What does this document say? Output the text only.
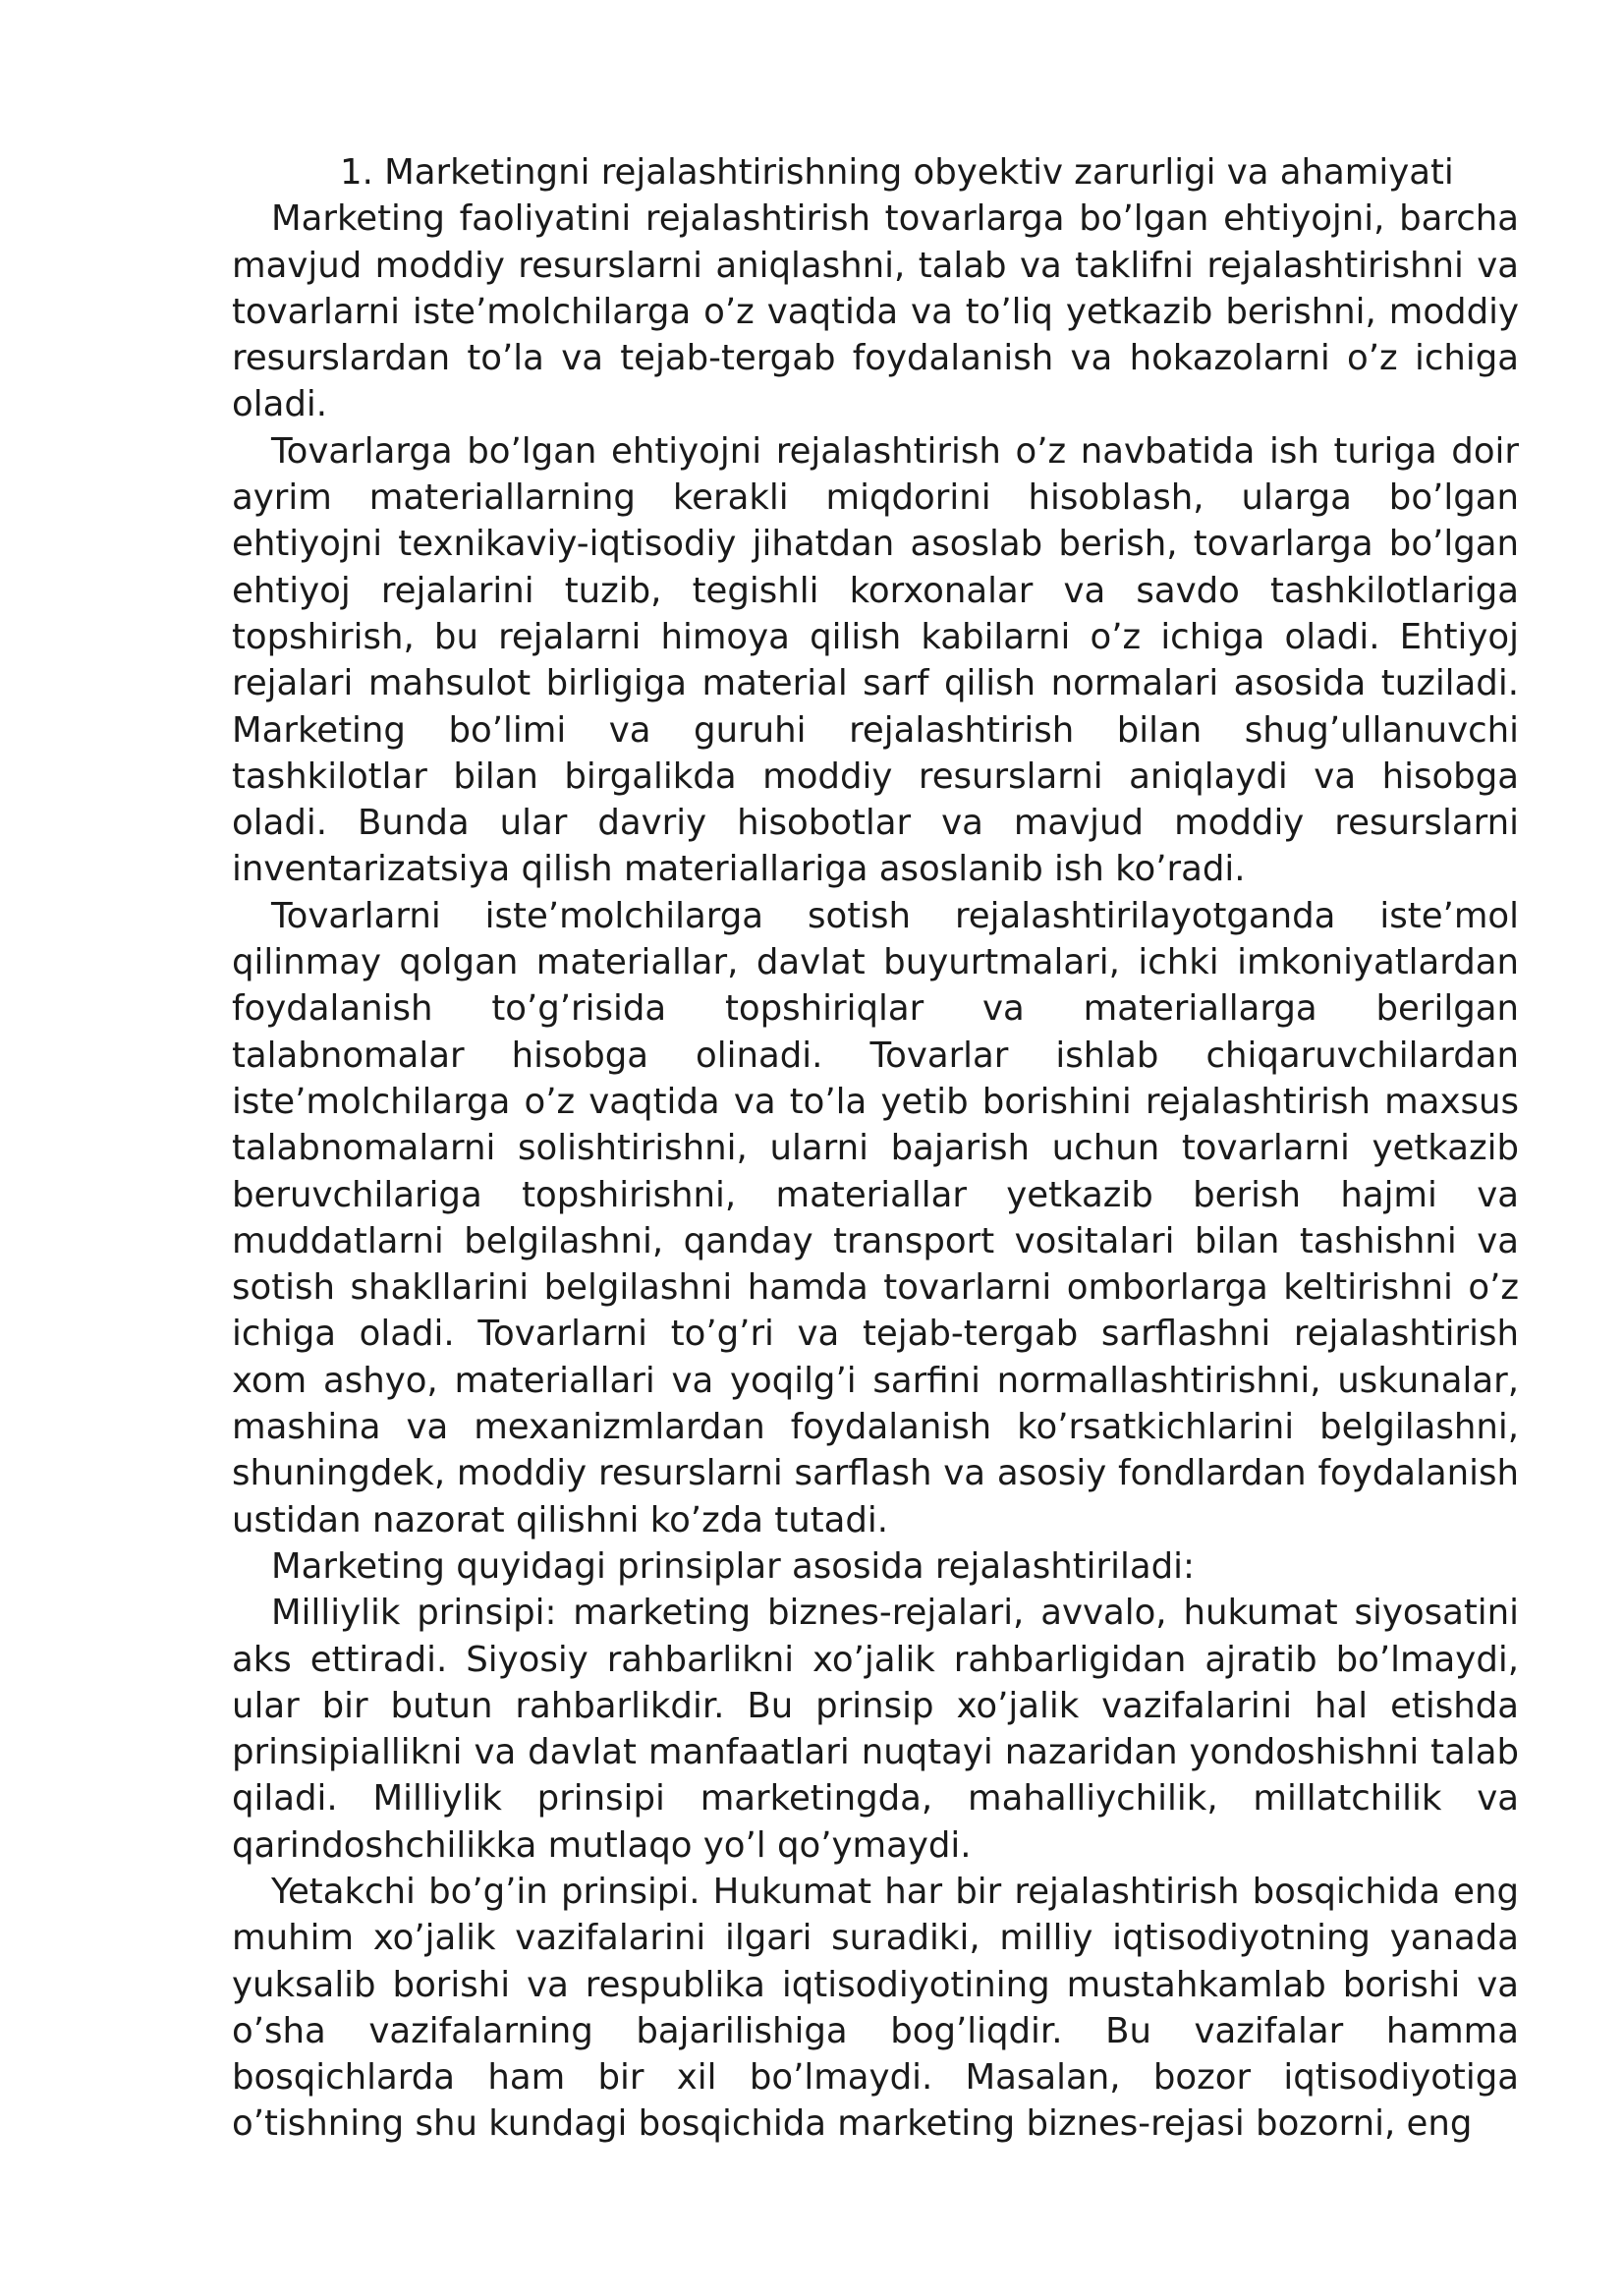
1. Marketingni rejalashtirishning obyektiv zarurligi va ahamiyati

Marketing faoliyatini rejalashtirish tovarlarga bo’lgan ehtiyojni, barcha mavjud moddiy resurslarni aniqlashni, talab va taklifni rejalashtirishni va tovarlarni iste’molchilarga o’z vaqtida va to’liq yetkazib berishni, moddiy resurslardan to’la va tejab-tergab foydalanish va hokazolarni o’z ichiga oladi.

Tovarlarga bo’lgan ehtiyojni rejalashtirish o’z navbatida ish turiga doir ayrim materiallarning kerakli miqdorini hisoblash, ularga bo’lgan ehtiyojni texnikaviy-iqtisodiy jihatdan asoslab berish, tovarlarga bo’lgan ehtiyoj rejalarini tuzib, tegishli korxonalar va savdo tashkilotlariga topshirish, bu rejalarni himoya qilish kabilarni o’z ichiga oladi. Ehtiyoj rejalari mahsulot birligiga material sarf qilish normalari asosida tuziladi. Marketing bo’limi va guruhi rejalashtirish bilan shug’ullanuvchi tashkilotlar bilan birgalikda moddiy resurslarni aniqlaydi va hisobga oladi. Bunda ular davriy hisobotlar va mavjud moddiy resurslarni inventarizatsiya qilish materiallariga asoslanib ish ko’radi.

Tovarlarni iste’molchilarga sotish rejalashtirilayotganda iste’mol qilinmay qolgan materiallar, davlat buyurtmalari, ichki imkoniyatlardan foydalanish to’g’risida topshiriqlar va materiallarga berilgan talabnomalar hisobga olinadi. Tovarlar ishlab chiqaruvchilardan iste’molchilarga o’z vaqtida va to’la yetib borishini rejalashtirish maxsus talabnomalarni solishtirishni, ularni bajarish uchun tovarlarni yetkazib beruvchilariga topshirishni, materiallar yetkazib berish hajmi va muddatlarni belgilashni, qanday transport vositalari bilan tashishni va sotish shakllarini belgilashni hamda tovarlarni omborlarga keltirishni o’z ichiga oladi. Tovarlarni to’g’ri va tejab-tergab sarflashni rejalashtirish xom ashyo, materiallari va yoqilg’i sarfini normallashtirishni, uskunalar, mashina va mexanizmlardan foydalanish ko’rsatkichlarini belgilashni, shuningdek, moddiy resurslarni sarflash va asosiy fondlardan foydalanish ustidan nazorat qilishni ko’zda tutadi.

Marketing quyidagi prinsiplar asosida rejalashtiriladi:

Milliylik prinsipi: marketing biznes-rejalari, avvalo, hukumat siyosatini aks ettiradi. Siyosiy rahbarlikni xo’jalik rahbarligidan ajratib bo’lmaydi, ular bir butun rahbarlikdir. Bu prinsip xo’jalik vazifalarini hal etishda prinsipiallikni va davlat manfaatlari nuqtayi nazaridan yondoshishni talab qiladi. Milliylik prinsipi marketingda, mahalliychilik, millatchilik va qarindoshchilikka mutlaqo yo’l qo’ymaydi.

Yetakchi bo’g’in prinsipi. Hukumat har bir rejalashtirish bosqichida eng muhim xo’jalik vazifalarini ilgari suradiki, milliy iqtisodiyotning yanada yuksalib borishi va respublika iqtisodiyotining mustahkamlab borishi va o’sha vazifalarning bajarilishiga bog’liqdir. Bu vazifalar hamma bosqichlarda ham bir xil bo’lmaydi. Masalan, bozor iqtisodiyotiga o’tishning shu kundagi bosqichida marketing biznes-rejasi bozorni, eng
